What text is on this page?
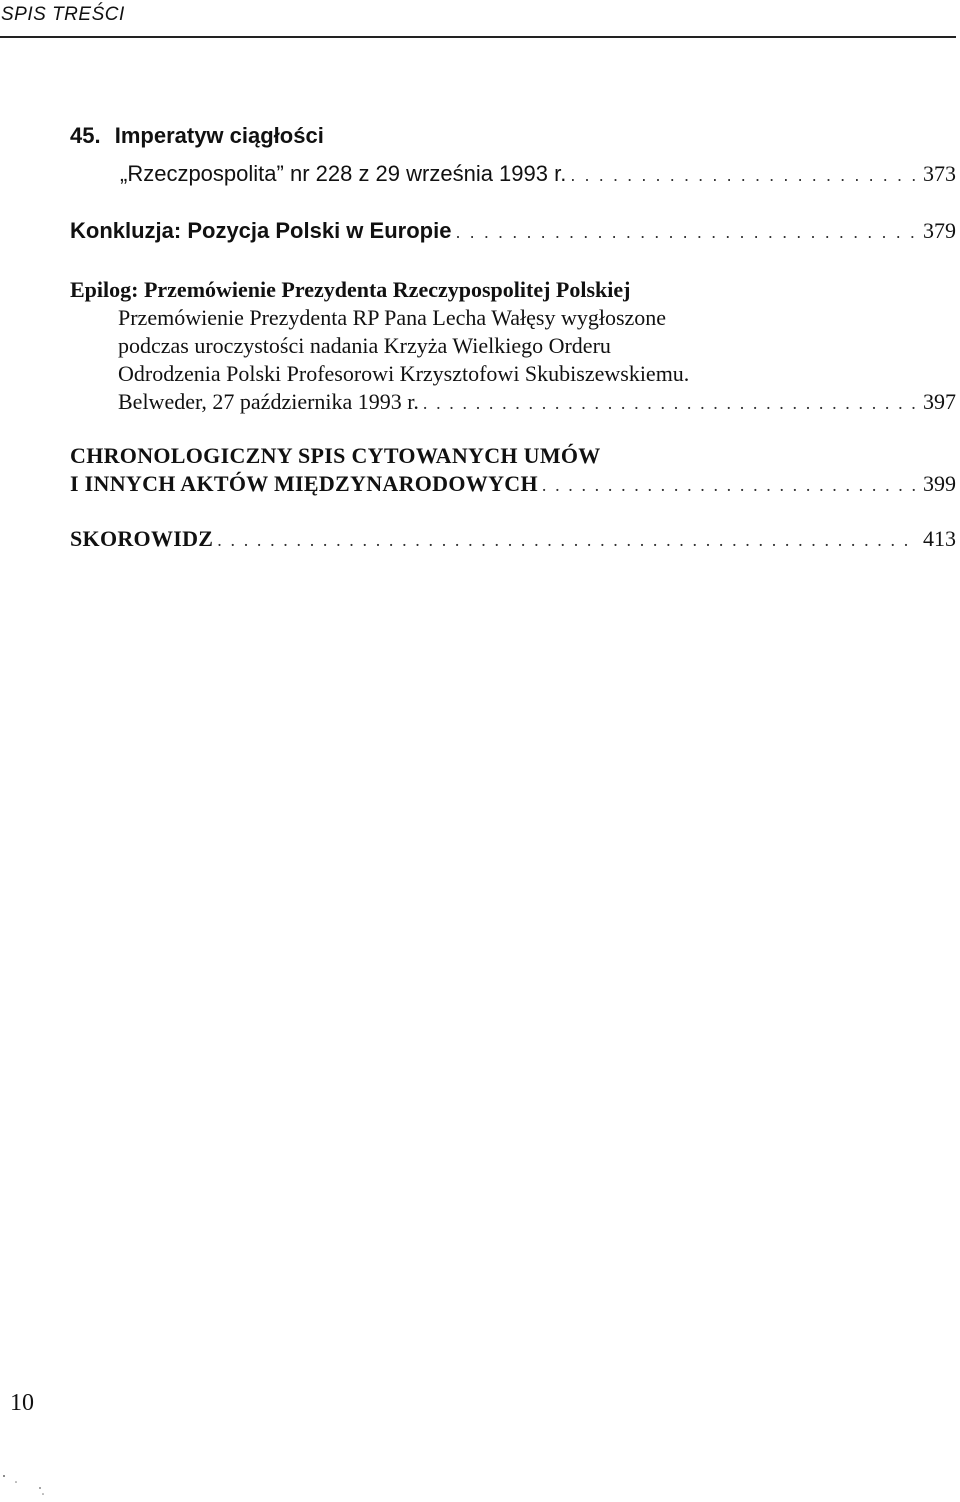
SPIS TREŚCI
45. Imperatyw ciągłości
„Rzeczpospolita” nr 228 z 29 września 1993 r. . . .	373
Konkluzja: Pozycja Polski w Europie . . .	379
Epilog: Przemówienie Prezydenta Rzeczypospolitej Polskiej
Przemówienie Prezydenta RP Pana Lecha Wałęsy wygłoszone
podczas uroczystości nadania Krzyża Wielkiego Orderu
Odrodzenia Polski Profesorowi Krzysztofowi Skubiszewskiemu.
Belweder, 27 października 1993 r. . . .	397
CHRONOLOGICZNY SPIS CYTOWANYCH UMÓW
I INNYCH AKTÓW MIĘDZYNARODOWYCH . . .	399
SKOROWIDZ . . .	413
10
